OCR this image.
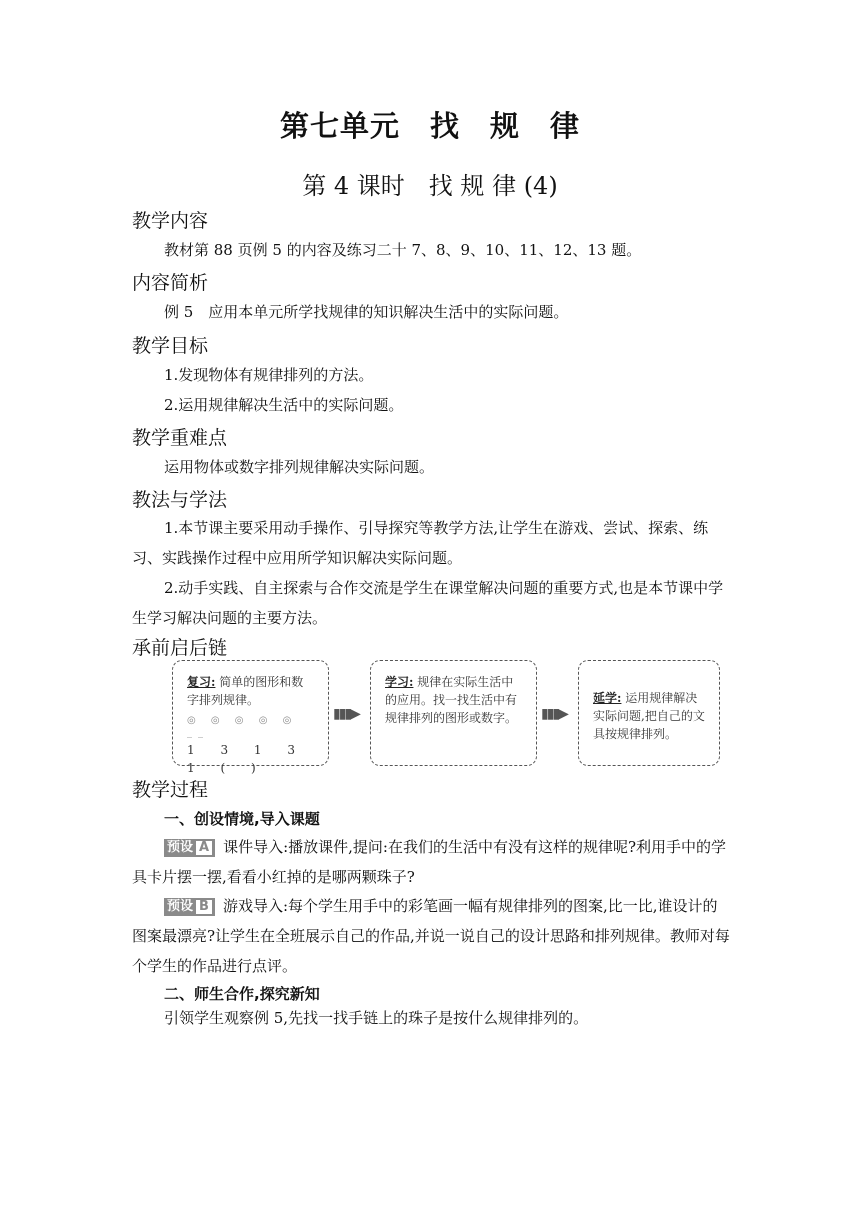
第七单元　找　规　律
第 4 课时　找 规 律 (4)
教学内容
教材第 88 页例 5 的内容及练习二十 7、8、9、10、11、12、13 题。
内容简析
例 5　应用本单元所学找规律的知识解决生活中的实际问题。
教学目标
1.发现物体有规律排列的方法。
2.运用规律解决生活中的实际问题。
教学重难点
运用物体或数字排列规律解决实际问题。
教法与学法
1.本节课主要采用动手操作、引导探究等教学方法,让学生在游戏、尝试、探索、练习、实践操作过程中应用所学知识解决实际问题。
2.动手实践、自主探索与合作交流是学生在课堂解决问题的重要方式,也是本节课中学生学习解决问题的主要方法。
承前启后链
复习: 简单的图形和数字排列规律。
◎ ◎ ◎ ◎ ◎ __
1 3 1 3 1 ( )
▮▮▮▶
学习: 规律在实际生活中的应用。找一找生活中有规律排列的图形或数字。	▮▮▮▶
延学: 运用规律解决实际问题,把自己的文具按规律排列。
教学过程
一、创设情境,导入课题
预设 A 课件导入:播放课件,提问:在我们的生活中有没有这样的规律呢?利用手中的学具卡片摆一摆,看看小红掉的是哪两颗珠子?
预设 B 游戏导入:每个学生用手中的彩笔画一幅有规律排列的图案,比一比,谁设计的图案最漂亮?让学生在全班展示自己的作品,并说一说自己的设计思路和排列规律。教师对每个学生的作品进行点评。
二、师生合作,探究新知
引领学生观察例 5,先找一找手链上的珠子是按什么规律排列的。
